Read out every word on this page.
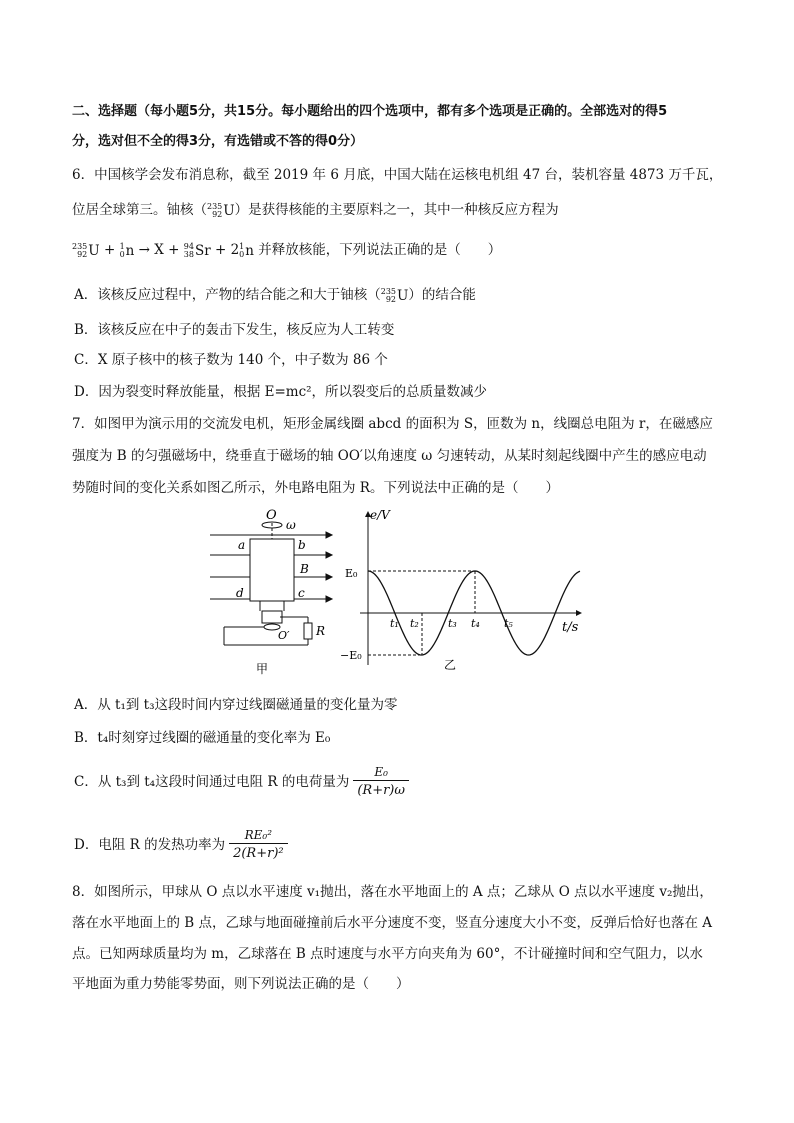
二、选择题（每小题5分，共15分。每小题给出的四个选项中，都有多个选项是正确的。全部选对的得5
分，选对但不全的得3分，有选错或不答的得0分）
6．中国核学会发布消息称，截至 2019 年 6 月底，中国大陆在运核电机组 47 台，装机容量 4873 万千瓦，
位居全球第三。铀核（ 235
92 U）是获得核能的主要原料之一，其中一种核反应方程为
235
92 U + 1
0 n → X + 94
38 Sr + 2 1
0 n 并释放核能，下列说法正确的是（　　）
A．该核反应过程中，产物的结合能之和大于铀核（ 235
92 U）的结合能
B．该核反应在中子的轰击下发生，核反应为人工转变
C．X 原子核中的核子数为 140 个，中子数为 86 个
D．因为裂变时释放能量，根据 E=mc²，所以裂变后的总质量数减少
7．如图甲为演示用的交流发电机，矩形金属线圈 abcd 的面积为 S，匝数为 n，线圈总电阻为 r，在磁感应
强度为 B 的匀强磁场中，绕垂直于磁场的轴 OO′以角速度 ω 匀速转动，从某时刻起线圈中产生的感应电动
势随时间的变化关系如图乙所示，外电路电阻为 R。下列说法中正确的是（　　）
O
ω
a	b
B
d	c
R
O′
甲
e/V
E₀
−E₀
t₁ t₂	t₃ t₄ t₅	t/s
乙
A．从 t₁到 t₃这段时间内穿过线圈磁通量的变化量为零
B．t₄时刻穿过线圈的磁通量的变化率为 E₀
C．从 t₃到 t₄这段时间通过电阻 R 的电荷量为 $\frac{\text{E₀}}{(R+r)\omega}$
D．电阻 R 的发热功率为 $\frac{\text{RE₀²}}{\text{2(R+r)²}}$
8．如图所示，甲球从 O 点以水平速度 v₁抛出，落在水平地面上的 A 点；乙球从 O 点以水平速度 v₂抛出，
落在水平地面上的 B 点，乙球与地面碰撞前后水平分速度不变，竖直分速度大小不变，反弹后恰好也落在 A
点。已知两球质量均为 m，乙球落在 B 点时速度与水平方向夹角为 60°，不计碰撞时间和空气阻力，以水
平地面为重力势能零势面，则下列说法正确的是（　　）
